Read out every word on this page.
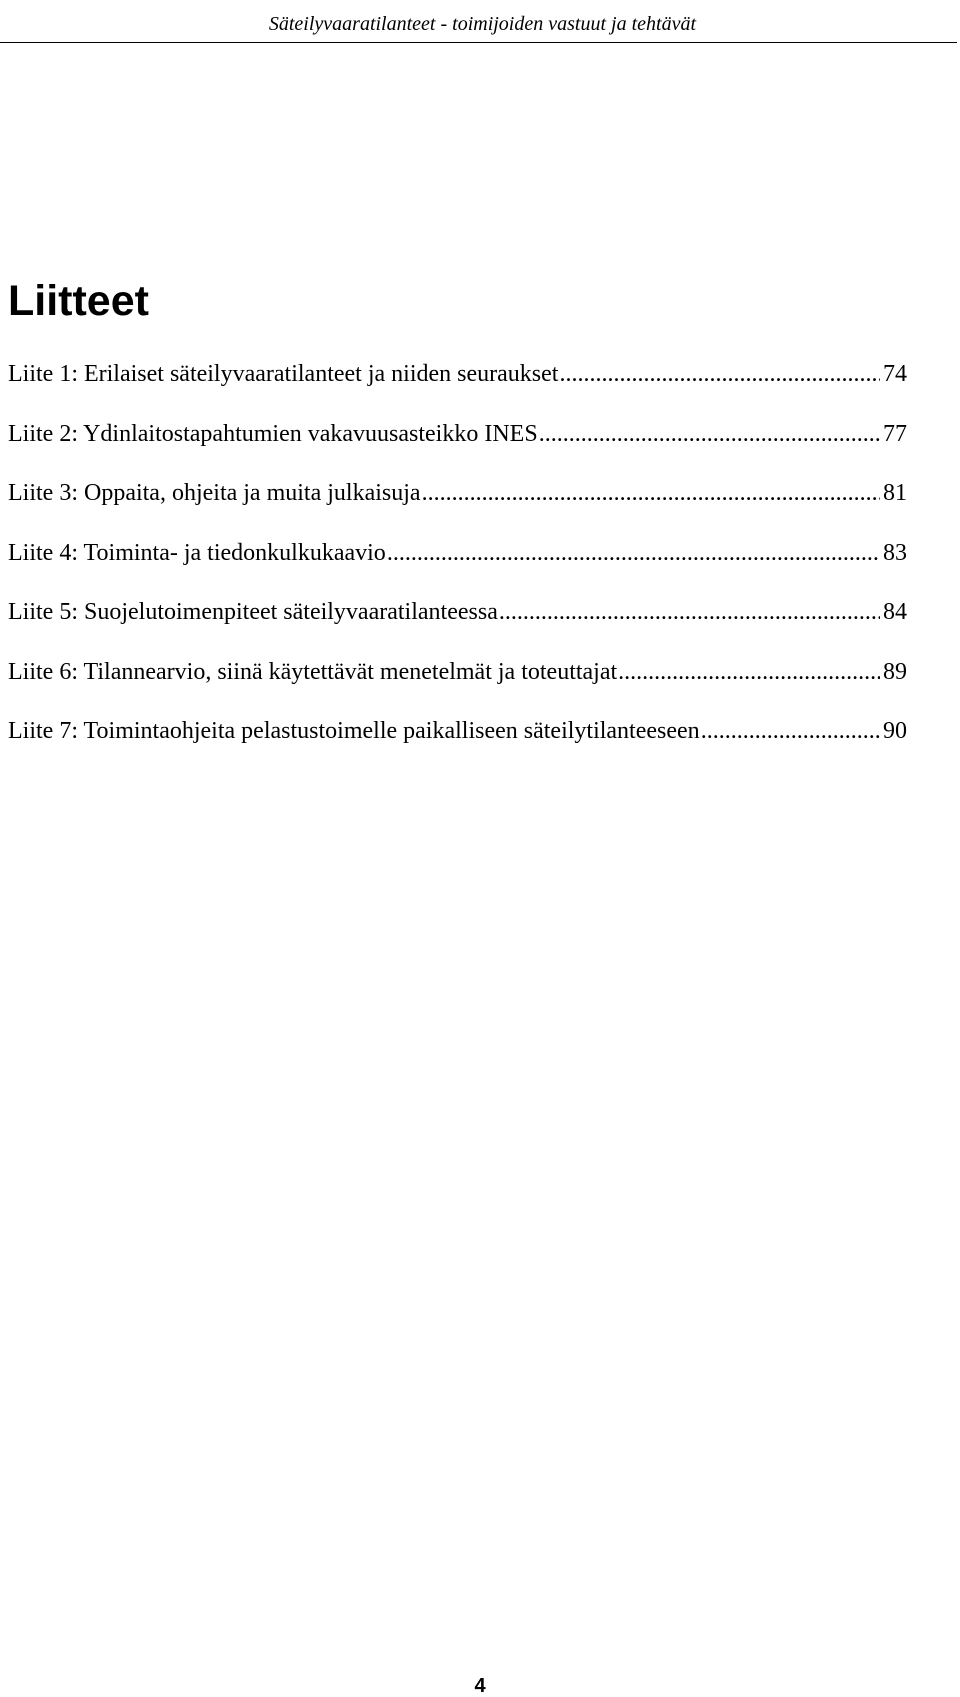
Säteilyvaaratilanteet - toimijoiden vastuut ja tehtävät
Liitteet
Liite 1: Erilaiset säteilyvaaratilanteet ja niiden seuraukset .....	74
Liite 2: Ydinlaitostapahtumien vakavuusasteikko INES .....	77
Liite 3: Oppaita, ohjeita ja muita julkaisuja .....	81
Liite 4: Toiminta- ja tiedonkulkukaavio .....	83
Liite 5: Suojelutoimenpiteet säteilyvaaratilanteessa .....	84
Liite 6: Tilannearvio, siinä käytettävät menetelmät ja toteuttajat .....	89
Liite 7: Toimintaohjeita pelastustoimelle paikalliseen säteilytilanteeseen .....	90
4
